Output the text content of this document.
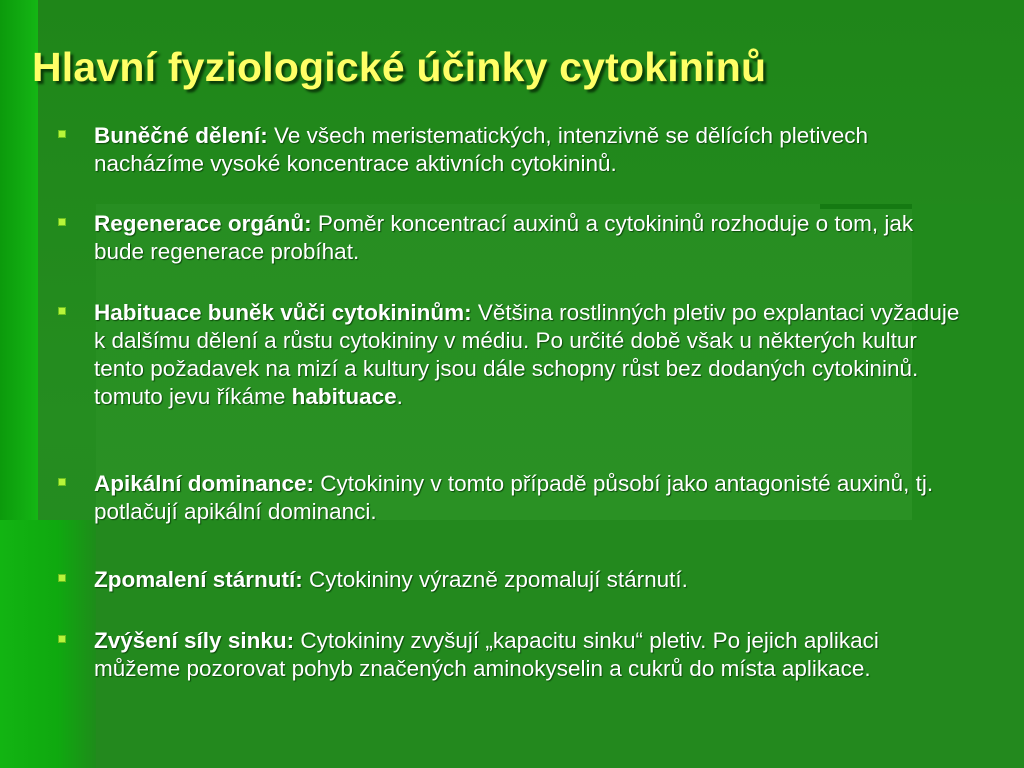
Hlavní fyziologické účinky cytokininů
Buněčné dělení: Ve všech meristematických, intenzivně se dělících pletivech nacházíme vysoké koncentrace aktivních cytokininů.
Regenerace orgánů: Poměr koncentrací auxinů a cytokininů rozhoduje o tom, jak bude regenerace probíhat.
Habituace buněk vůči cytokininům: Většina rostlinných pletiv po explantaci vyžaduje k dalšímu dělení a růstu cytokininy v médiu. Po určité době však u některých kultur tento požadavek na mizí a kultury jsou dále schopny růst bez dodaných cytokininů. tomuto jevu říkáme habituace.
Apikální dominance: Cytokininy v tomto případě působí jako antagonisté auxinů, tj. potlačují apikální dominanci.
Zpomalení stárnutí: Cytokininy výrazně zpomalují stárnutí.
Zvýšení síly sinku: Cytokininy zvyšují „kapacitu sinku“ pletiv. Po jejich aplikaci můžeme pozorovat pohyb značených aminokyselin a cukrů do místa aplikace.
